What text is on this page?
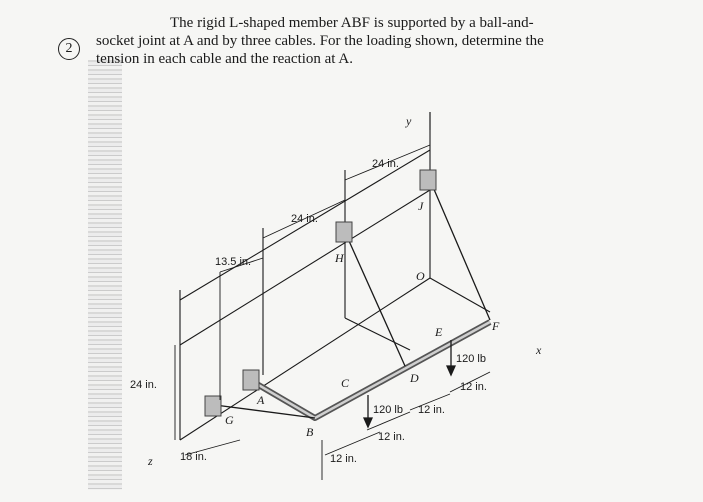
2
The rigid L-shaped member ABF is supported by a ball-and-
socket joint at A and by three cables. For the loading shown, determine the
tension in each cable and the reaction at A.
y
x
z
A
B
C	D
E	F
G
H
J
O
24 in.
24 in.
13.5 in.
24 in.
18 in.	12 in.
12 in.
12 in.
12 in.
120 lb
120 lb
